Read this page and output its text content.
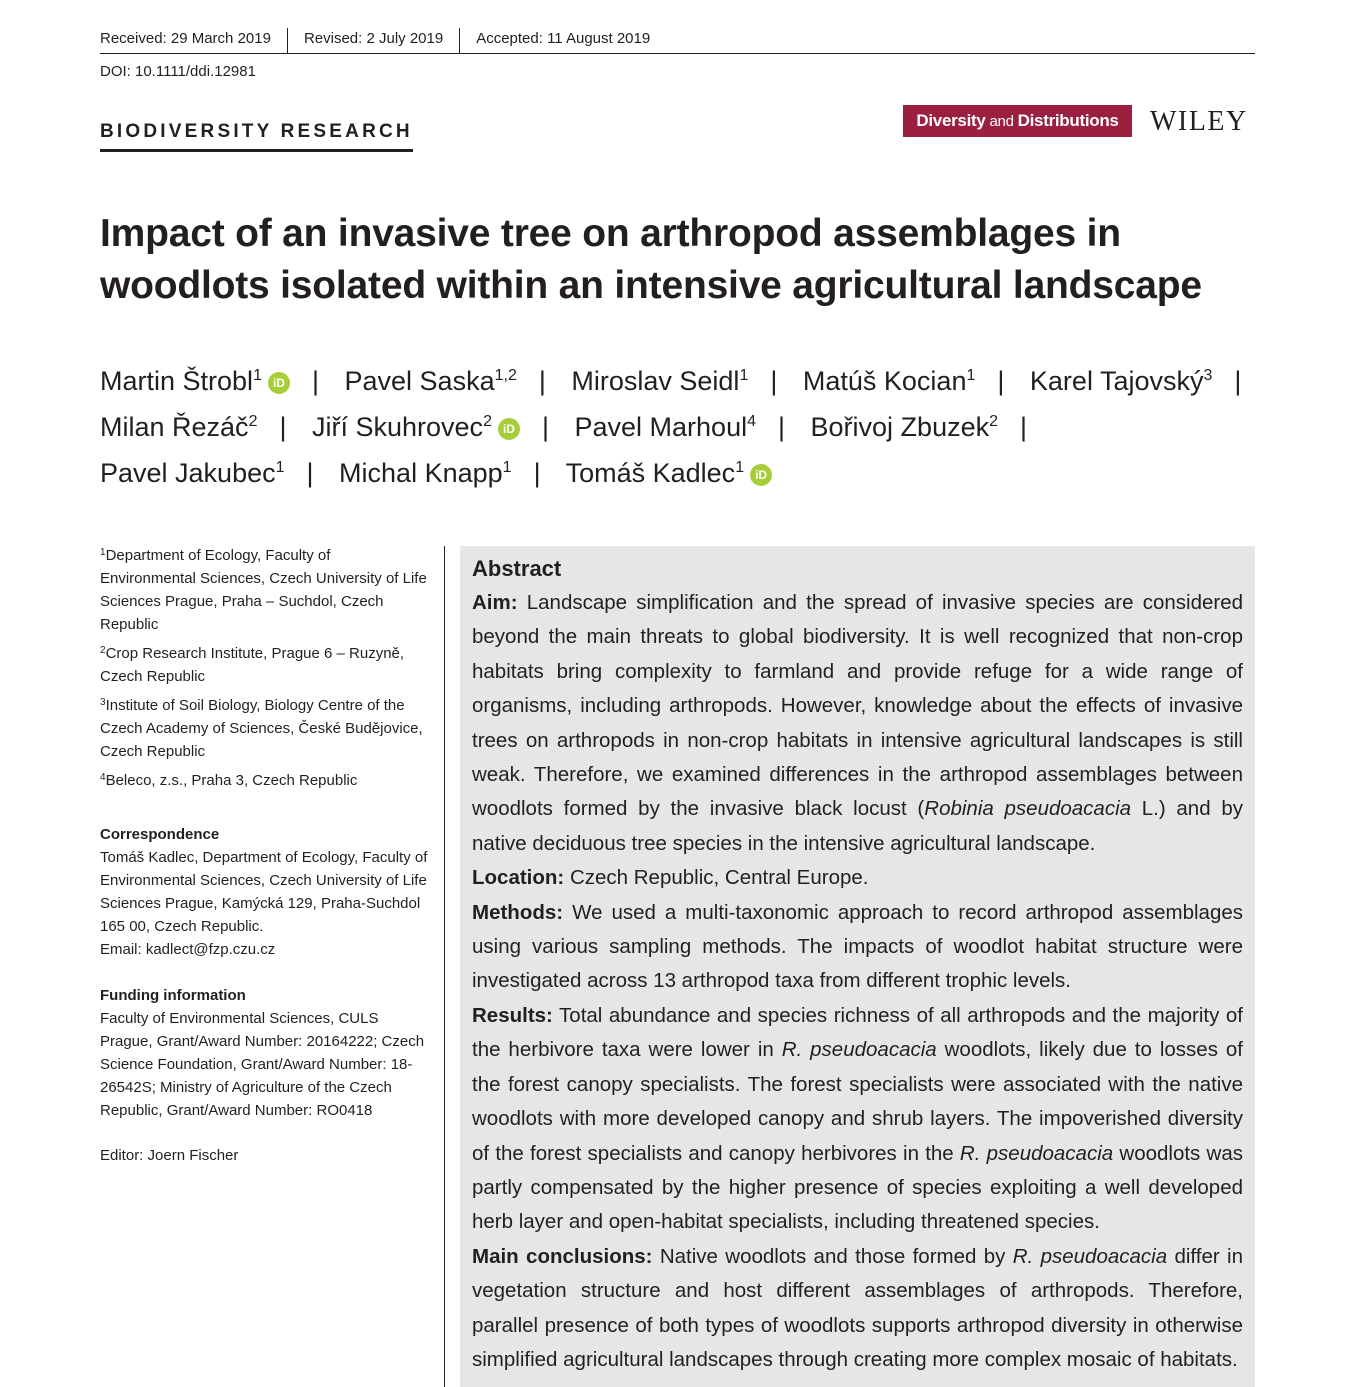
Received: 29 March 2019 Revised: 2 July 2019 Accepted: 11 August 2019
DOI: 10.1111/ddi.12981
BIODIVERSITY RESEARCH
Diversity and Distributions WILEY
Impact of an invasive tree on arthropod assemblages in woodlots isolated within an intensive agricultural landscape
Martin Štrobl$^1$ iD | Pavel Saska$^{1,2}$ | Miroslav Seidl$^1$ | Matúš Kocian$^1$ | Karel Tajovský$^3$ |
Milan Řezáč$^2$ | Jiří Skuhrovec$^2$ iD | Pavel Marhoul$^4$ | Bořivoj Zbuzek$^2$ |
Pavel Jakubec$^1$ | Michal Knapp$^1$ | Tomáš Kadlec$^1$ iD
$^1$Department of Ecology, Faculty of Environmental Sciences, Czech University of Life Sciences Prague, Praha – Suchdol, Czech Republic
$^2$Crop Research Institute, Prague 6 – Ruzyně, Czech Republic
$^3$Institute of Soil Biology, Biology Centre of the Czech Academy of Sciences, České Budějovice, Czech Republic
$^4$Beleco, z.s., Praha 3, Czech Republic
Correspondence
Tomáš Kadlec, Department of Ecology, Faculty of Environmental Sciences, Czech University of Life Sciences Prague, Kamýcká 129, Praha-Suchdol 165 00, Czech Republic.
Email: kadlect@fzp.czu.cz
Funding information
Faculty of Environmental Sciences, CULS Prague, Grant/Award Number: 20164222; Czech Science Foundation, Grant/Award Number: 18-26542S; Ministry of Agriculture of the Czech Republic, Grant/Award Number: RO0418
Editor: Joern Fischer
Abstract

Aim: Landscape simplification and the spread of invasive species are considered beyond the main threats to global biodiversity. It is well recognized that non-crop habitats bring complexity to farmland and provide refuge for a wide range of organisms, including arthropods. However, knowledge about the effects of invasive trees on arthropods in non-crop habitats in intensive agricultural landscapes is still weak. Therefore, we examined differences in the arthropod assemblages between woodlots formed by the invasive black locust (Robinia pseudoacacia L.) and by native deciduous tree species in the intensive agricultural landscape.

Location: Czech Republic, Central Europe.

Methods: We used a multi-taxonomic approach to record arthropod assemblages using various sampling methods. The impacts of woodlot habitat structure were investigated across 13 arthropod taxa from different trophic levels.

Results: Total abundance and species richness of all arthropods and the majority of the herbivore taxa were lower in R. pseudoacacia woodlots, likely due to losses of the forest canopy specialists. The forest specialists were associated with the native woodlots with more developed canopy and shrub layers. The impoverished diversity of the forest specialists and canopy herbivores in the R. pseudoacacia woodlots was partly compensated by the higher presence of species exploiting a well developed herb layer and open-habitat specialists, including threatened species.

Main conclusions: Native woodlots and those formed by R. pseudoacacia differ in vegetation structure and host different assemblages of arthropods. Therefore, parallel presence of both types of woodlots supports arthropod diversity in otherwise simplified agricultural landscapes through creating more complex mosaic of habitats.
